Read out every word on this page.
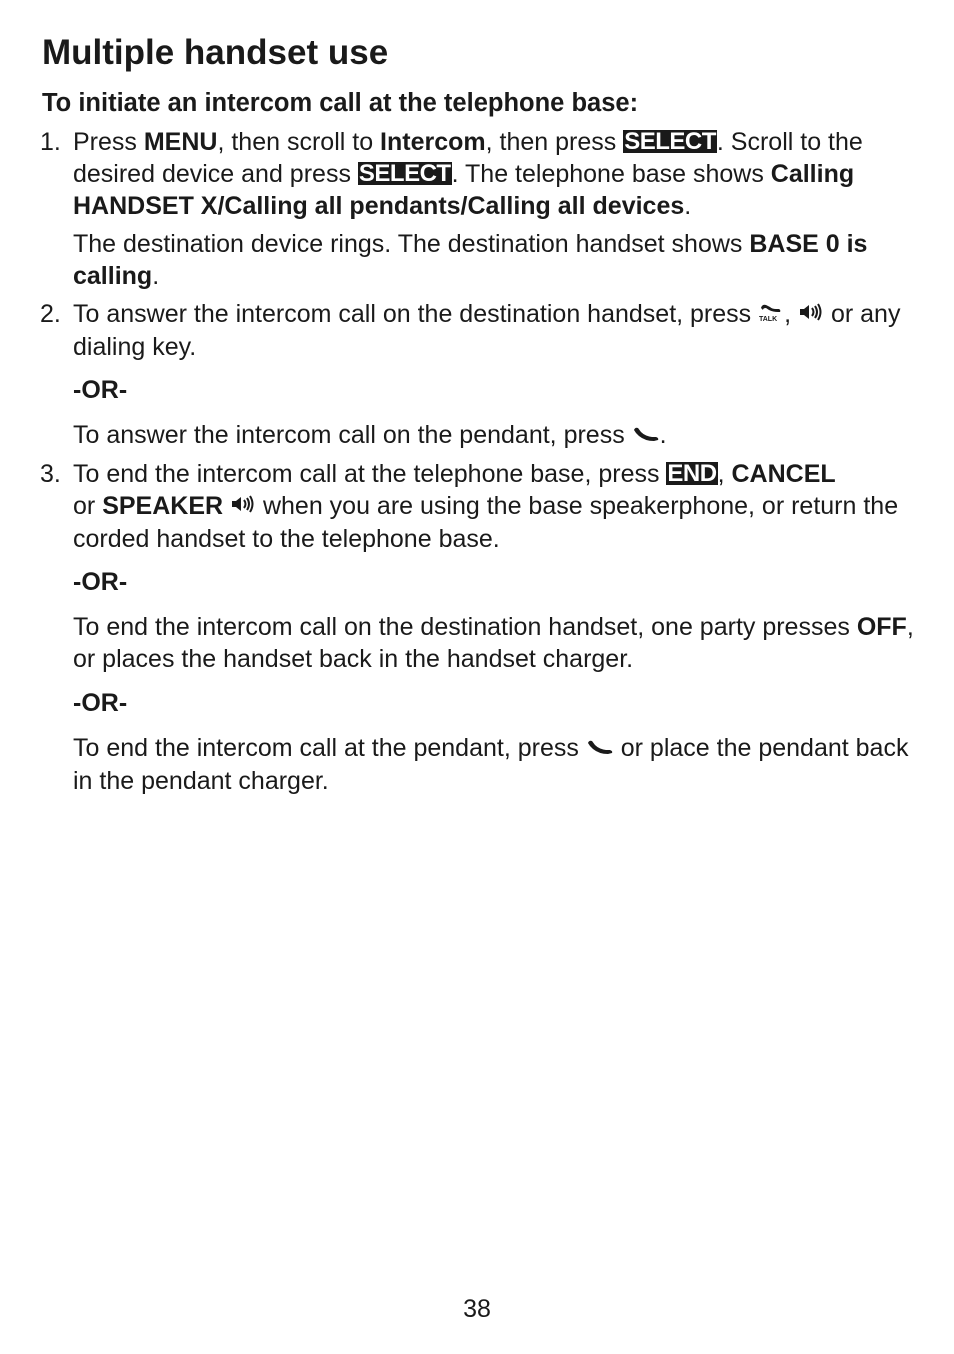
Multiple handset use
To initiate an intercom call at the telephone base:
1. Press MENU, then scroll to Intercom, then press SELECT. Scroll to the desired device and press SELECT. The telephone base shows Calling HANDSET X/Calling all pendants/Calling all devices.

The destination device rings. The destination handset shows BASE 0 is calling.

2. To answer the intercom call on the destination handset, press TALK ,  or any dialing key.

-OR-

To answer the intercom call on the pendant, press .

3. To end the intercom call at the telephone base, press END, CANCEL
or SPEAKER  when you are using the base speakerphone, or return the corded handset to the telephone base.

-OR-

To end the intercom call on the destination handset, one party presses OFF, or places the handset back in the handset charger.

-OR-

To end the intercom call at the pendant, press  or place the pendant back in the pendant charger.

38
